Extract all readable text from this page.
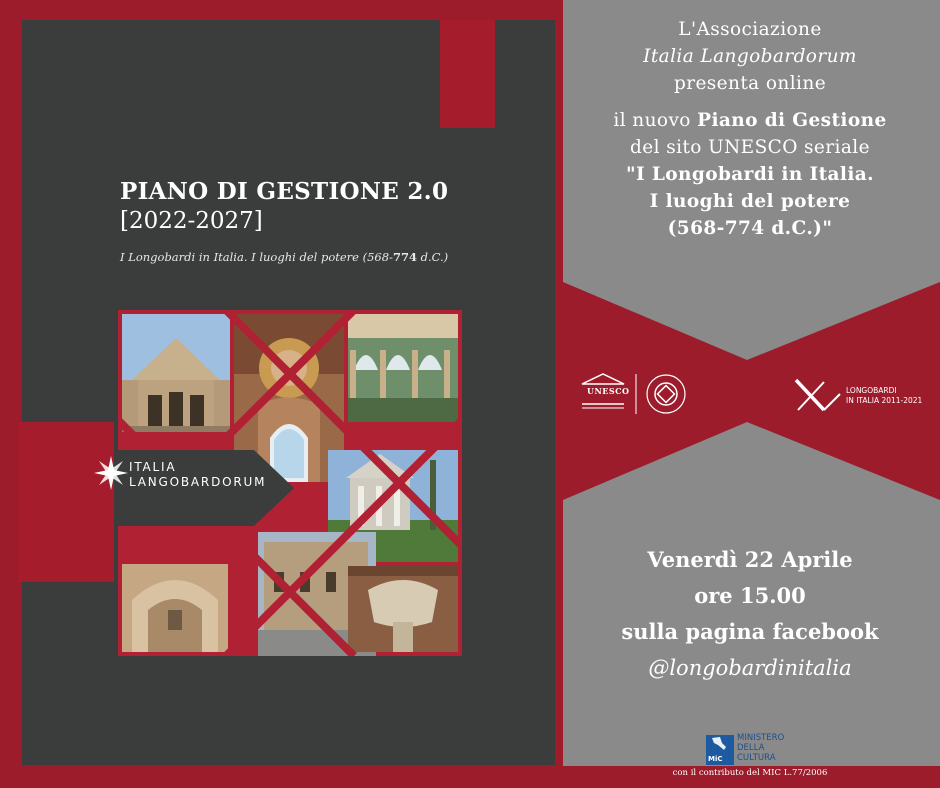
PIANO DI GESTIONE 2.0

[2022-2027]

I Longobardi in Italia. I luoghi del potere (568-774 d.C.)

ITALIA
LANGOBARDORUM

L'Associazione
Italia Langobardorum
presenta online
il nuovo Piano di Gestione
del sito UNESCO seriale
"I Longobardi in Italia.
I luoghi del potere
(568-774 d.C.)"

UNESCO	LONGOBARDI
IN ITALIA 2011-2021

Venerdì 22 Aprile
ore 15.00
sulla pagina facebook
@longobardinitalia

MiC

MINISTERO
DELLA
CULTURA

con il contributo del MIC L.77/2006
